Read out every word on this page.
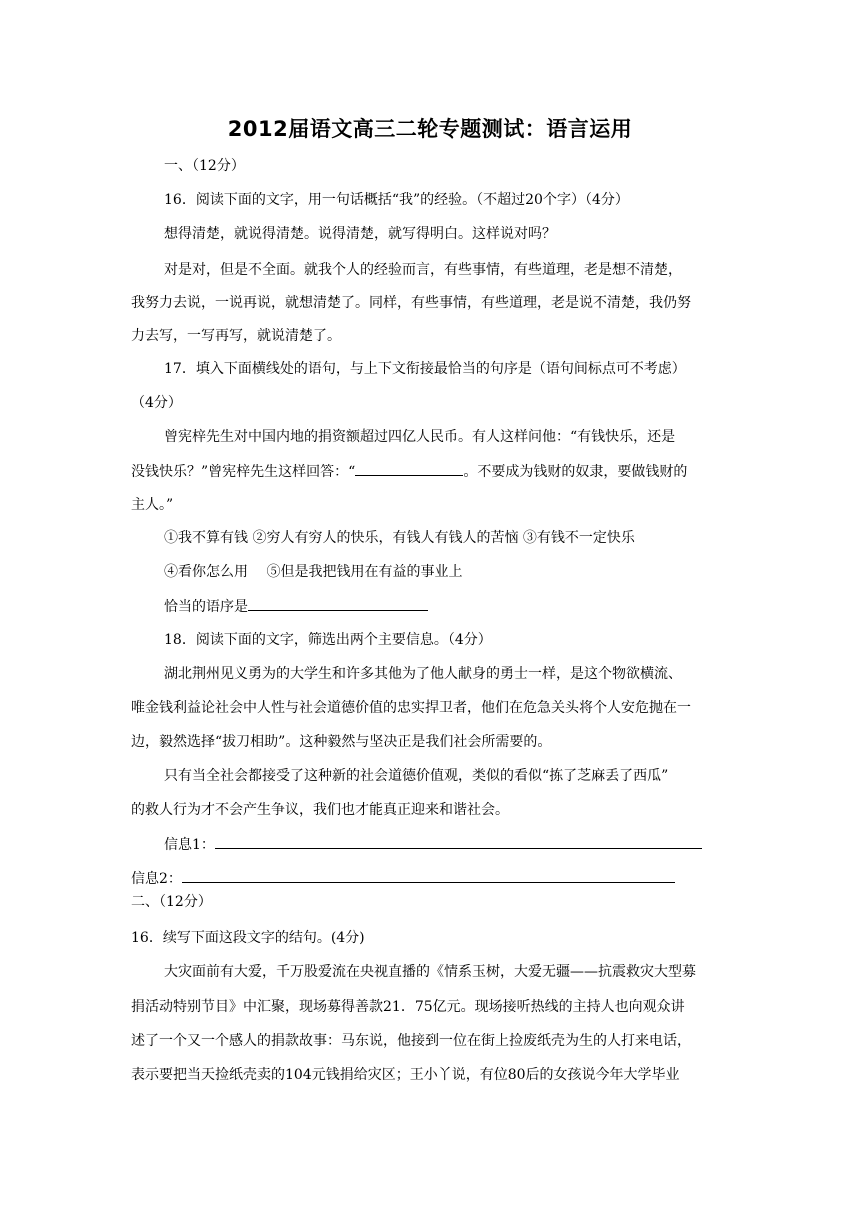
2012届语文高三二轮专题测试：语言运用
一、（12分）
16．阅读下面的文字，用一句话概括“我”的经验。（不超过20个字）（4分）
想得清楚，就说得清楚。说得清楚，就写得明白。这样说对吗？
对是对，但是不全面。就我个人的经验而言，有些事情，有些道理，老是想不清楚，
我努力去说，一说再说，就想清楚了。同样，有些事情，有些道理，老是说不清楚，我仍努
力去写，一写再写，就说清楚了。
17．填入下面横线处的语句，与上下文衔接最恰当的句序是（语句间标点可不考虑）
（4分）
曾宪梓先生对中国内地的捐资额超过四亿人民币。有人这样问他：“有钱快乐，还是
没钱快乐？”曾宪梓先生这样回答：“	。不要成为钱财的奴隶，要做钱财的
主人。”
①我不算有钱 ②穷人有穷人的快乐，有钱人有钱人的苦恼 ③有钱不一定快乐
④看你怎么用　 ⑤但是我把钱用在有益的事业上
恰当的语序是
18．阅读下面的文字，筛选出两个主要信息。（4分）
湖北荆州见义勇为的大学生和许多其他为了他人献身的勇士一样，是这个物欲横流、
唯金钱利益论社会中人性与社会道德价值的忠实捍卫者，他们在危急关头将个人安危抛在一
边，毅然选择“拔刀相助”。这种毅然与坚决正是我们社会所需要的。
只有当全社会都接受了这种新的社会道德价值观，类似的看似“拣了芝麻丢了西瓜”
的救人行为才不会产生争议，我们也才能真正迎来和谐社会。
信息1：
信息2：
二、（12分）
16．续写下面这段文字的结句。(4分)
大灾面前有大爱，千万股爱流在央视直播的《情系玉树，大爱无疆——抗震救灾大型募
捐活动特别节目》中汇聚，现场募得善款21．75亿元。现场接听热线的主持人也向观众讲
述了一个又一个感人的捐款故事：马东说，他接到一位在街上捡废纸壳为生的人打来电话，
表示要把当天捡纸壳卖的104元钱捐给灾区；王小丫说，有位80后的女孩说今年大学毕业
